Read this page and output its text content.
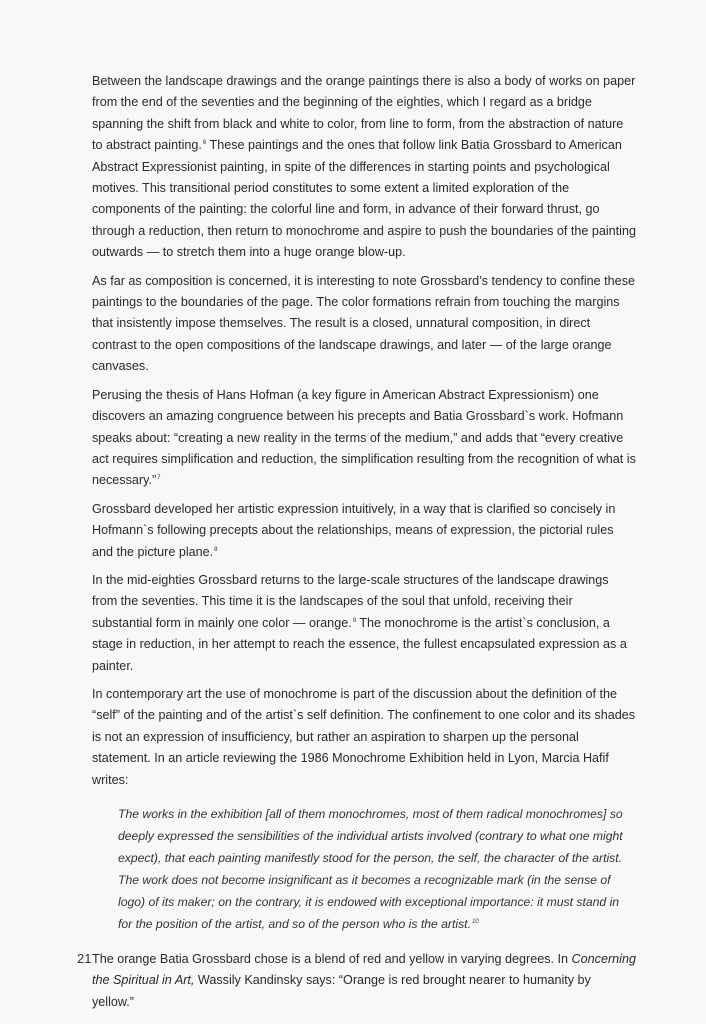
Between the landscape drawings and the orange paintings there is also a body of works on paper from the end of the seventies and the beginning of the eighties, which I regard as a bridge spanning the shift from black and white to color, from line to form, from the abstraction of nature to abstract painting.$^6$ These paintings and the ones that follow link Batia Grossbard to American Abstract Expressionist painting, in spite of the differences in starting points and psychological motives. This transitional period constitutes to some extent a limited exploration of the components of the painting: the colorful line and form, in advance of their forward thrust, go through a reduction, then return to monochrome and aspire to push the boundaries of the painting outwards — to stretch them into a huge orange blow-up.

As far as composition is concerned, it is interesting to note Grossbard’s tendency to confine these paintings to the boundaries of the page. The color formations refrain from touching the margins that insistently impose themselves. The result is a closed, unnatural composition, in direct contrast to the open compositions of the landscape drawings, and later — of the large orange canvases.

Perusing the thesis of Hans Hofman (a key figure in American Abstract Expressionism) one discovers an amazing congruence between his precepts and Batia Grossbard`s work. Hofmann speaks about: “creating a new reality in the terms of the medium,” and adds that “every creative act requires simplification and reduction, the simplification resulting from the recognition of what is necessary.”$^7$

Grossbard developed her artistic expression intuitively, in a way that is clarified so concisely in Hofmann`s following precepts about the relationships, means of expression, the pictorial rules and the picture plane.$^8$

In the mid-eighties Grossbard returns to the large-scale structures of the landscape drawings from the seventies. This time it is the landscapes of the soul that unfold, receiving their substantial form in mainly one color — orange.$^9$ The monochrome is the artist`s conclusion, a stage in reduction, in her attempt to reach the essence, the fullest encapsulated expression as a painter.

In contemporary art the use of monochrome is part of the discussion about the definition of the “self” of the painting and of the artist`s self definition. The confinement to one color and its shades is not an expression of insufficiency, but rather an aspiration to sharpen up the personal statement. In an article reviewing the 1986 Monochrome Exhibition held in Lyon, Marcia Hafif writes:

The works in the exhibition [all of them monochromes, most of them radical monochromes] so deeply expressed the sensibilities of the individual artists involved (contrary to what one might expect), that each painting manifestly stood for the person, the self, the character of the artist. The work does not become insignificant as it becomes a recognizable mark (in the sense of logo) of its maker; on the contrary, it is endowed with exceptional importance: it must stand in for the position of the artist, and so of the person who is the artist.$^{10}$

The orange Batia Grossbard chose is a blend of red and yellow in varying degrees. In Concerning the Spiritual in Art, Wassily Kandinsky says: “Orange is red brought nearer to humanity by yellow.”

21
